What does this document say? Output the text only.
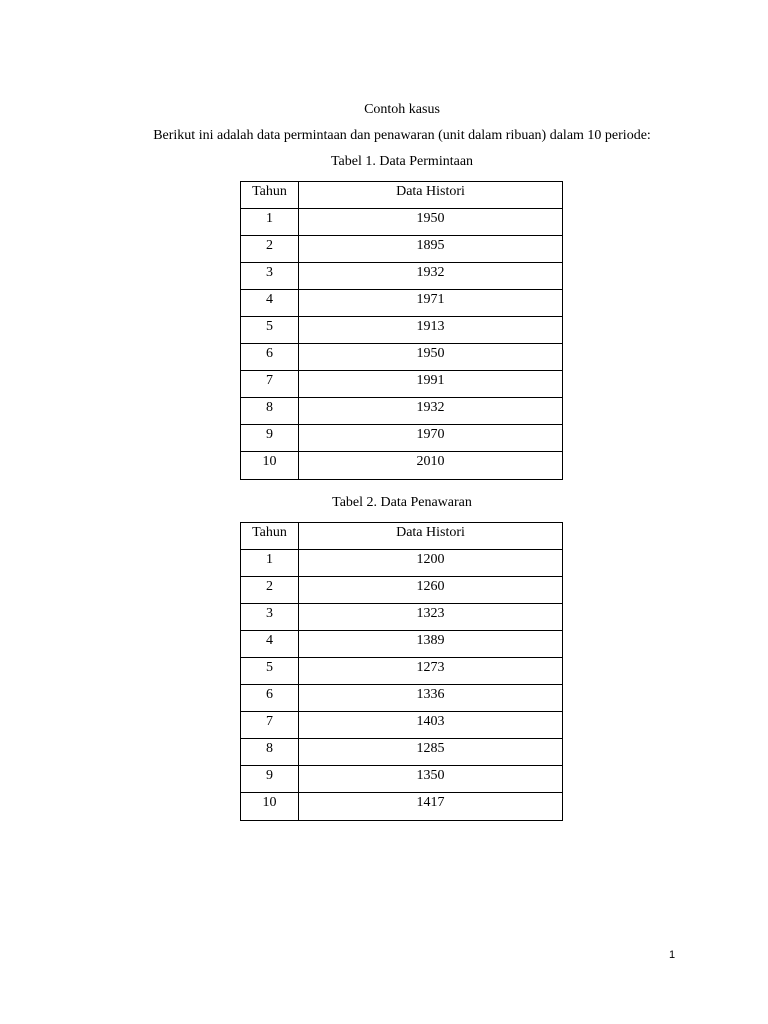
Contoh kasus

Berikut ini adalah data permintaan dan penawaran (unit dalam ribuan) dalam 10 periode:

Tabel 1. Data Permintaan

Tahun	Data Histori
1	1950
2	1895
3	1932
4	1971
5	1913
6	1950
7	1991
8	1932
9	1970
10	2010

Tabel 2. Data Penawaran

Tahun	Data Histori
1	1200
2	1260
3	1323
4	1389
5	1273
6	1336
7	1403
8	1285
9	1350
10	1417
1
